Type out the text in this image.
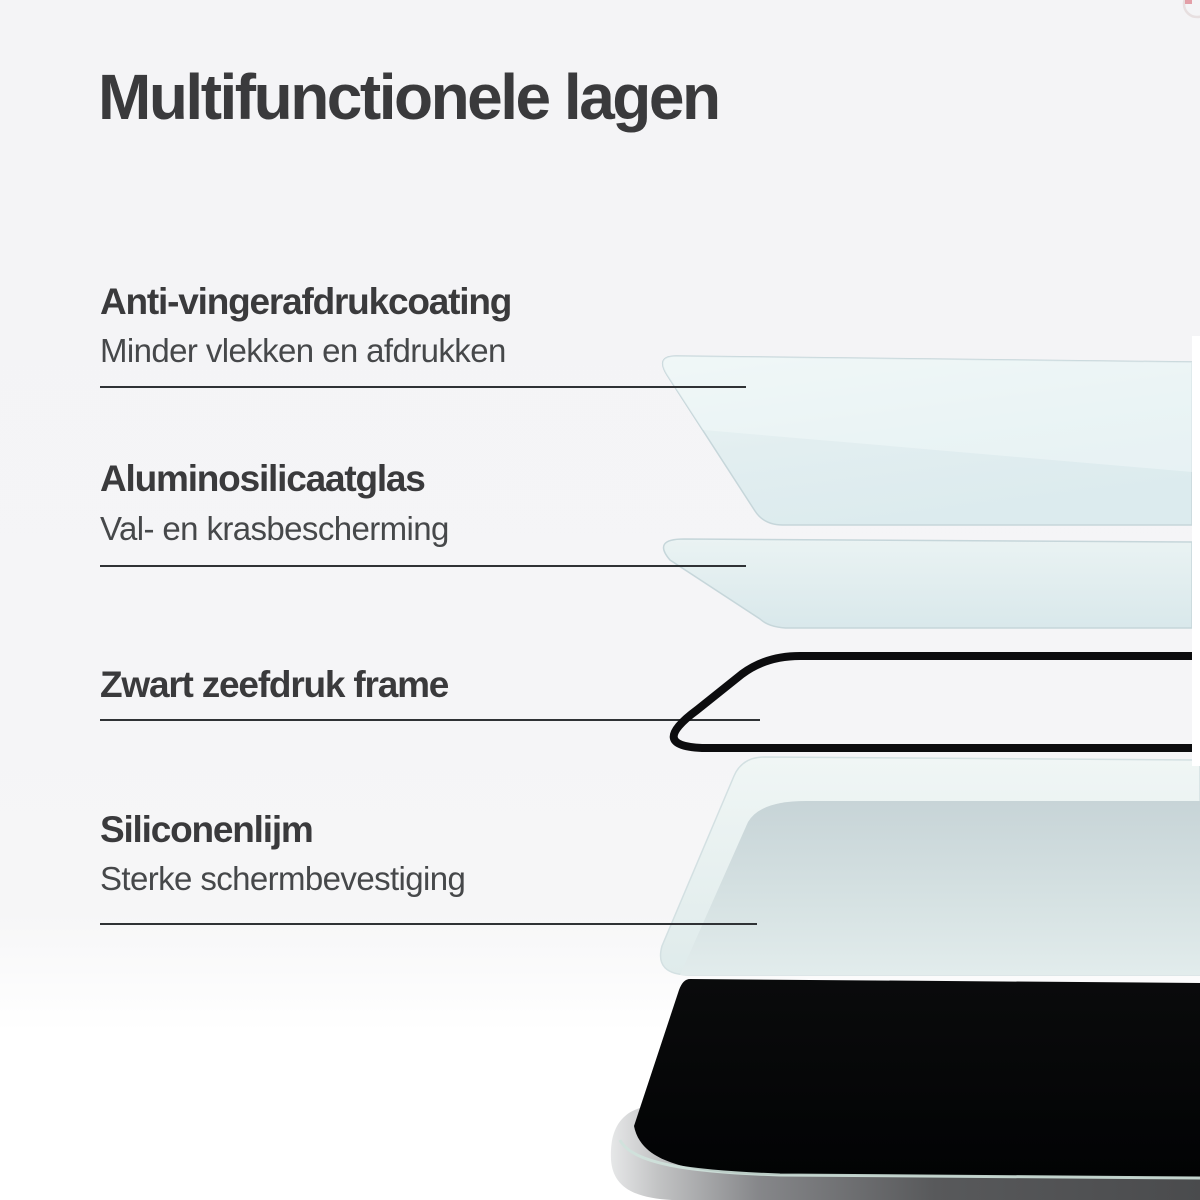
Multifunctionele lagen
Anti-vingerafdrukcoating
Minder vlekken en afdrukken
Aluminosilicaatglas
Val- en krasbescherming
Zwart zeefdruk frame
Siliconenlijm
Sterke schermbevestiging
